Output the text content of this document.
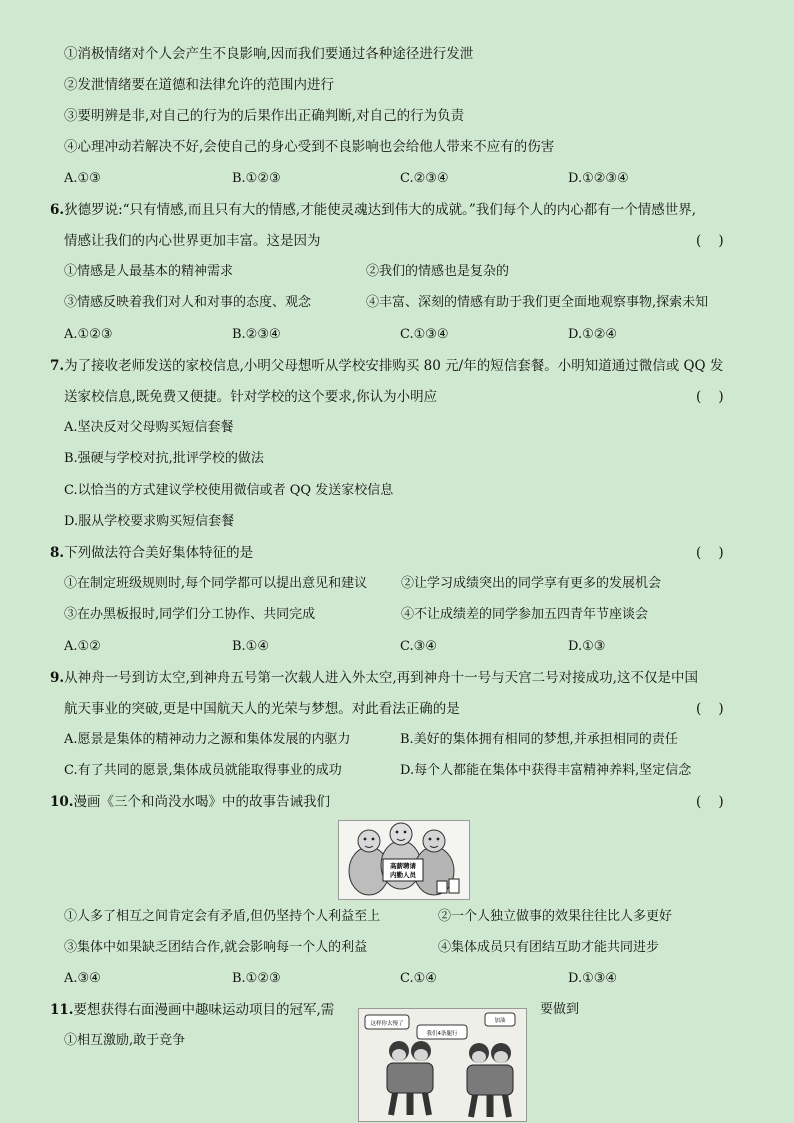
①消极情绪对个人会产生不良影响,因而我们要通过各种途径进行发泄
②发泄情绪要在道德和法律允许的范围内进行
③要明辨是非,对自己的行为的后果作出正确判断,对自己的行为负责
④心理冲动若解决不好,会使自己的身心受到不良影响也会给他人带来不应有的伤害
A.①③	B.①②③	C.②③④	D.①②③④
6.狄德罗说:“只有情感,而且只有大的情感,才能使灵魂达到伟大的成就。”我们每个人的内心都有一个情感世界,
情感让我们的内心世界更加丰富。这是因为	(    )
①情感是人最基本的精神需求	②我们的情感也是复杂的
③情感反映着我们对人和对事的态度、观念	④丰富、深刻的情感有助于我们更全面地观察事物,探索未知
A.①②③	B.②③④	C.①③④	D.①②④
7.为了接收老师发送的家校信息,小明父母想听从学校安排购买 80 元/年的短信套餐。小明知道通过微信或 QQ 发
送家校信息,既免费又便捷。针对学校的这个要求,你认为小明应	(    )
A.坚决反对父母购买短信套餐
B.强硬与学校对抗,批评学校的做法
C.以恰当的方式建议学校使用微信或者 QQ 发送家校信息
D.服从学校要求购买短信套餐
8.下列做法符合美好集体特征的是	(    )
①在制定班级规则时,每个同学都可以提出意见和建议	②让学习成绩突出的同学享有更多的发展机会
③在办黑板报时,同学们分工协作、共同完成	④不让成绩差的同学参加五四青年节座谈会
A.①②	B.①④	C.③④	D.①③
9.从神舟一号到访太空,到神舟五号第一次载人进入外太空,再到神舟十一号与天宫二号对接成功,这不仅是中国
航天事业的突破,更是中国航天人的光荣与梦想。对此看法正确的是	(    )
A.愿景是集体的精神动力之源和集体发展的内驱力	B.美好的集体拥有相同的梦想,并承担相同的责任
C.有了共同的愿景,集体成员就能取得事业的成功	D.每个人都能在集体中获得丰富精神养料,坚定信念
10.漫画《三个和尚没水喝》中的故事告诫我们	(    )
高薪聘请
内勤人员
①人多了相互之间肯定会有矛盾,但仍坚持个人利益至上	②一个人独立做事的效果往往比人多更好
③集体中如果缺乏团结合作,就会影响每一个人的利益	④集体成员只有团结互助才能共同进步
A.③④	B.①②③	C.①④	D.①③④
11.要想获得右面漫画中趣味运动项目的冠军,需	要做到
①相互激励,敢于竞争
这样你太慢了
我们4条腿行
加油
